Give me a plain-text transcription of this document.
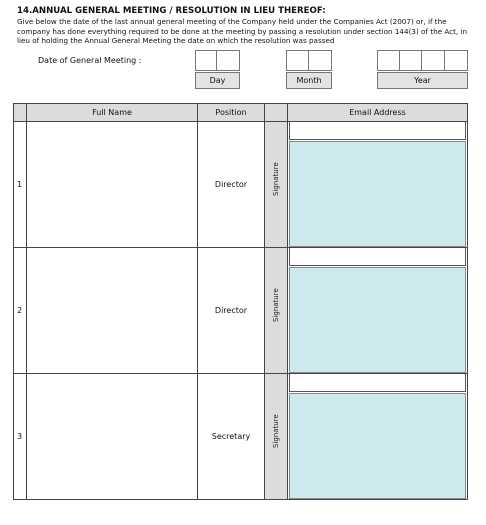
14.ANNUAL GENERAL MEETING / RESOLUTION IN LIEU THEREOF:
Give below the date of the last annual general meeting of the Company held under the Companies Act (2007) or, if the company has done everything required to be done at the meeting by passing a resolution under section 144(3) of the Act, in lieu of holding the Annual General Meeting the date on which the resolution was passed
Date of General Meeting :
Day	Month	Year
	Full Name	Position		Email Address
1		Director	Signature	

2		Director	Signature	

3		Secretary	Signature	
